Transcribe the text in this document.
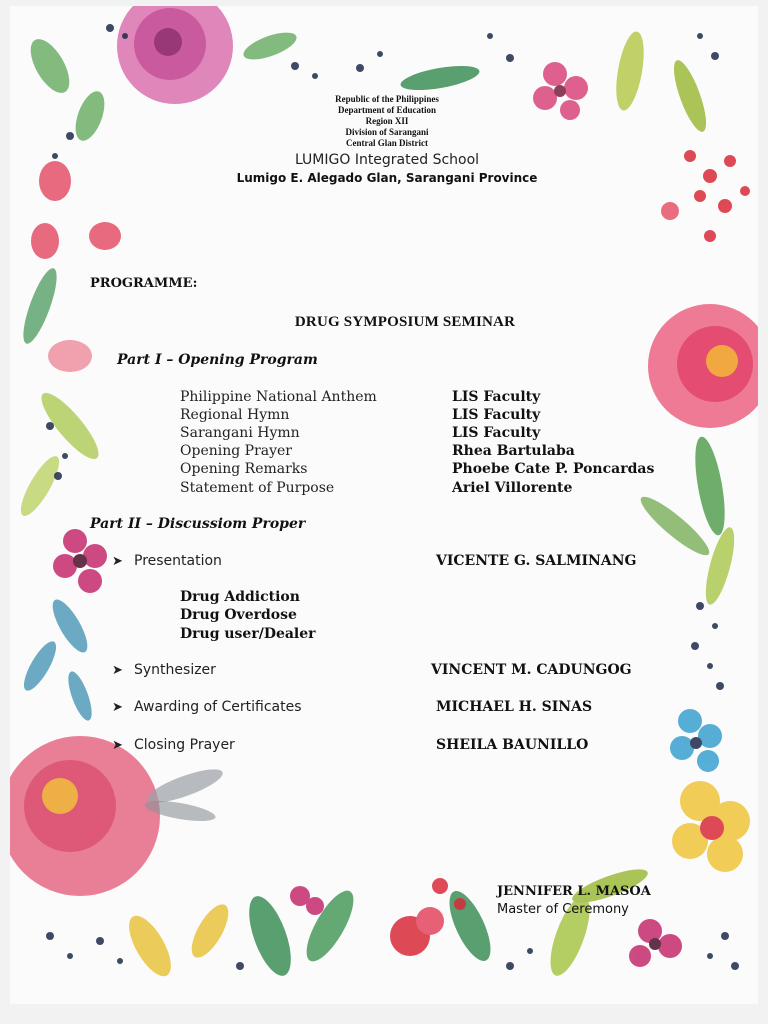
Republic of the Philippines
Department of Education
Region XII
Division of Sarangani
Central Glan District
LUMIGO Integrated School
Lumigo E. Alegado Glan, Sarangani Province
PROGRAMME:
DRUG SYMPOSIUM SEMINAR
Part I – Opening Program
Philippine National Anthem	LIS Faculty
Regional Hymn	LIS Faculty
Sarangani Hymn	LIS Faculty
Opening Prayer	Rhea Bartulaba
Opening Remarks	Phoebe Cate P. Poncardas
Statement of Purpose	Ariel Villorente
Part II – Discussiom Proper
➤ Presentation	VICENTE G. SALMINANG
Drug Addiction
Drug Overdose
Drug user/Dealer
➤ Synthesizer	VINCENT M. CADUNGOG
➤ Awarding of Certificates	MICHAEL H. SINAS
➤ Closing Prayer	SHEILA BAUNILLO
JENNIFER L. MASOA
Master of Ceremony
